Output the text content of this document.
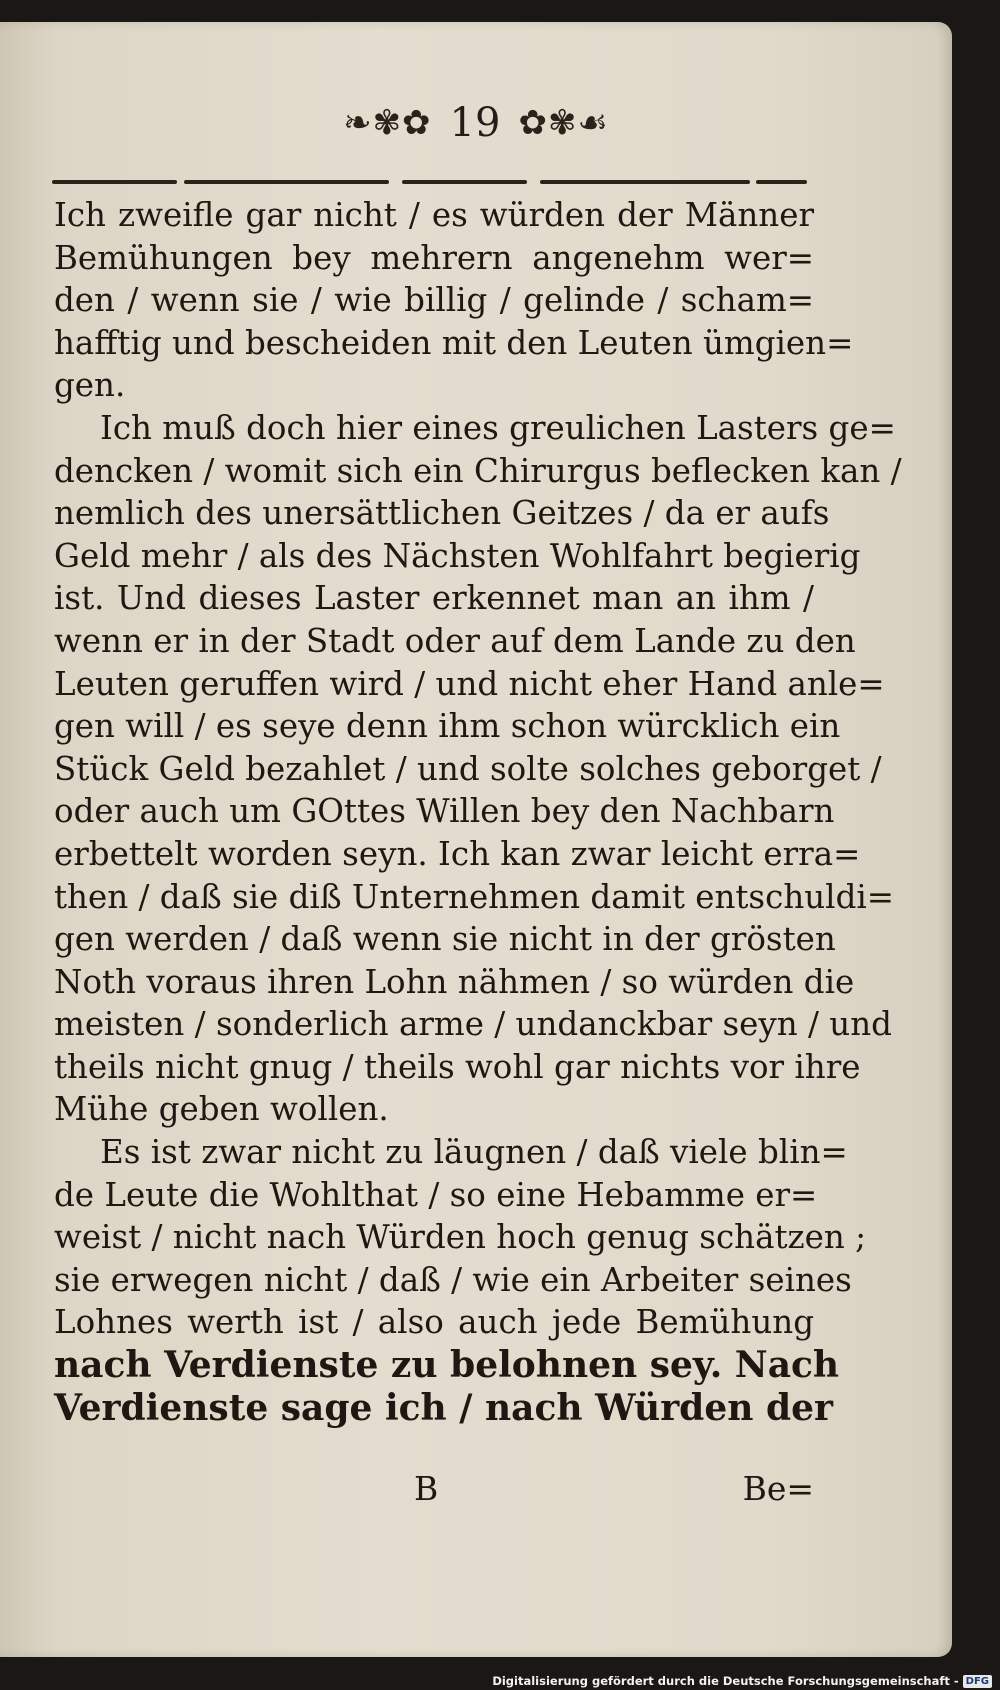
❧✾✿ 19 ✿✾☙
Ich zweifle gar nicht / es würden der Männer
Bemühungen bey mehrern angenehm wer=
den / wenn sie / wie billig / gelinde / scham=
hafftig und bescheiden mit den Leuten ümgien=
gen.
Ich muß doch hier eines greulichen Lasters ge=
dencken / womit sich ein Chirurgus beflecken kan /
nemlich des unersättlichen Geitzes / da er aufs
Geld mehr / als des Nächsten Wohlfahrt begierig
ist. Und dieses Laster erkennet man an ihm /
wenn er in der Stadt oder auf dem Lande zu den
Leuten geruffen wird / und nicht eher Hand anle=
gen will / es seye denn ihm schon würcklich ein
Stück Geld bezahlet / und solte solches geborget /
oder auch um GOttes Willen bey den Nachbarn
erbettelt worden seyn. Ich kan zwar leicht erra=
then / daß sie diß Unternehmen damit entschuldi=
gen werden / daß wenn sie nicht in der grösten
Noth voraus ihren Lohn nähmen / so würden die
meisten / sonderlich arme / undanckbar seyn / und
theils nicht gnug / theils wohl gar nichts vor ihre
Mühe geben wollen.
Es ist zwar nicht zu läugnen / daß viele blin=
de Leute die Wohlthat / so eine Hebamme er=
weist / nicht nach Würden hoch genug schätzen ;
sie erwegen nicht / daß / wie ein Arbeiter seines
Lohnes werth ist / also auch jede Bemühung
nach Verdienste zu belohnen sey. Nach
Verdienste sage ich / nach Würden der
B	Be=
Digitalisierung gefördert durch die Deutsche Forschungsgemeinschaft - DFG
